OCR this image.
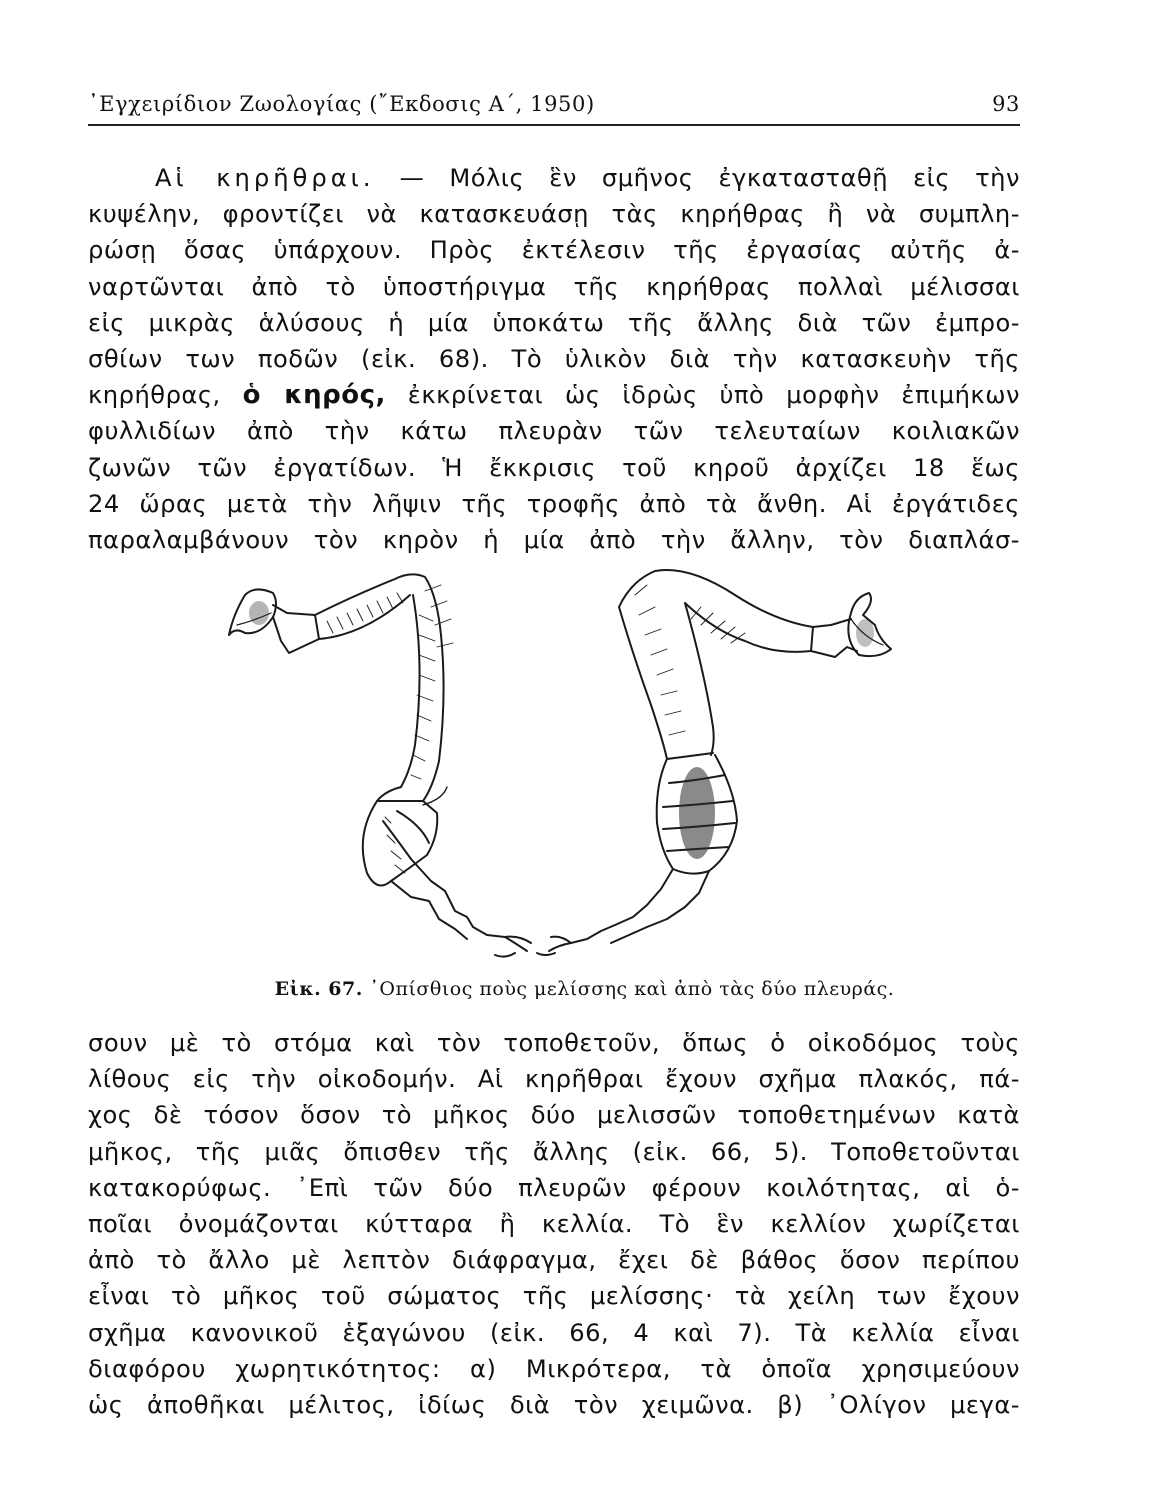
᾿Εγχειρίδιον Ζωολογίας (῎Εκδοσις Α΄, 1950)	93
Αἱ κηρῆθραι. — Μόλις ἓν σμῆνος ἐγκατασταθῇ εἰς τὴν
κυψέλην, φροντίζει νὰ κατασκευάσῃ τὰς κηρήθρας ἢ νὰ συμπλη-
ρώσῃ ὅσας ὑπάρχουν. Πρὸς ἐκτέλεσιν τῆς ἐργασίας αὐτῆς ἀ-
ναρτῶνται ἀπὸ τὸ ὑποστήριγμα τῆς κηρήθρας πολλαὶ μέλισσαι
εἰς μικρὰς ἁλύσους ἡ μία ὑποκάτω τῆς ἄλλης διὰ τῶν ἐμπρο-
σθίων των ποδῶν (εἰκ. 68). Τὸ ὑλικὸν διὰ τὴν κατασκευὴν τῆς
κηρήθρας, ὁ κηρός, ἐκκρίνεται ὡς ἱδρὼς ὑπὸ μορφὴν ἐπιμήκων
φυλλιδίων ἀπὸ τὴν κάτω πλευρὰν τῶν τελευταίων κοιλιακῶν
ζωνῶν τῶν ἐργατίδων. Ἡ ἔκκρισις τοῦ κηροῦ ἀρχίζει 18 ἕως
24 ὥρας μετὰ τὴν λῆψιν τῆς τροφῆς ἀπὸ τὰ ἄνθη. Αἱ ἐργάτιδες
παραλαμβάνουν τὸν κηρὸν ἡ μία ἀπὸ τὴν ἄλλην, τὸν διαπλάσ-
Εἰκ. 67. ᾿Οπίσθιος ποὺς μελίσσης καὶ ἀπὸ τὰς δύο πλευράς.
σουν μὲ τὸ στόμα καὶ τὸν τοποθετοῦν, ὅπως ὁ οἰκοδόμος τοὺς
λίθους εἰς τὴν οἰκοδομήν. Αἱ κηρῆθραι ἔχουν σχῆμα πλακός, πά-
χος δὲ τόσον ὅσον τὸ μῆκος δύο μελισσῶν τοποθετημένων κατὰ
μῆκος, τῆς μιᾶς ὄπισθεν τῆς ἄλλης (εἰκ. 66, 5). Τοποθετοῦνται
κατακορύφως. ᾿Επὶ τῶν δύο πλευρῶν φέρουν κοιλότητας, αἱ ὁ-
ποῖαι ὀνομάζονται κύτταρα ἢ κελλία. Τὸ ἓν κελλίον χωρίζεται
ἀπὸ τὸ ἄλλο μὲ λεπτὸν διάφραγμα, ἔχει δὲ βάθος ὅσον περίπου
εἶναι τὸ μῆκος τοῦ σώματος τῆς μελίσσης· τὰ χείλη των ἔχουν
σχῆμα κανονικοῦ ἑξαγώνου (εἰκ. 66, 4 καὶ 7). Τὰ κελλία εἶναι
διαφόρου χωρητικότητος: α) Μικρότερα, τὰ ὁποῖα χρησιμεύουν
ὡς ἀποθῆκαι μέλιτος, ἰδίως διὰ τὸν χειμῶνα. β) ᾿Ολίγον μεγα-
